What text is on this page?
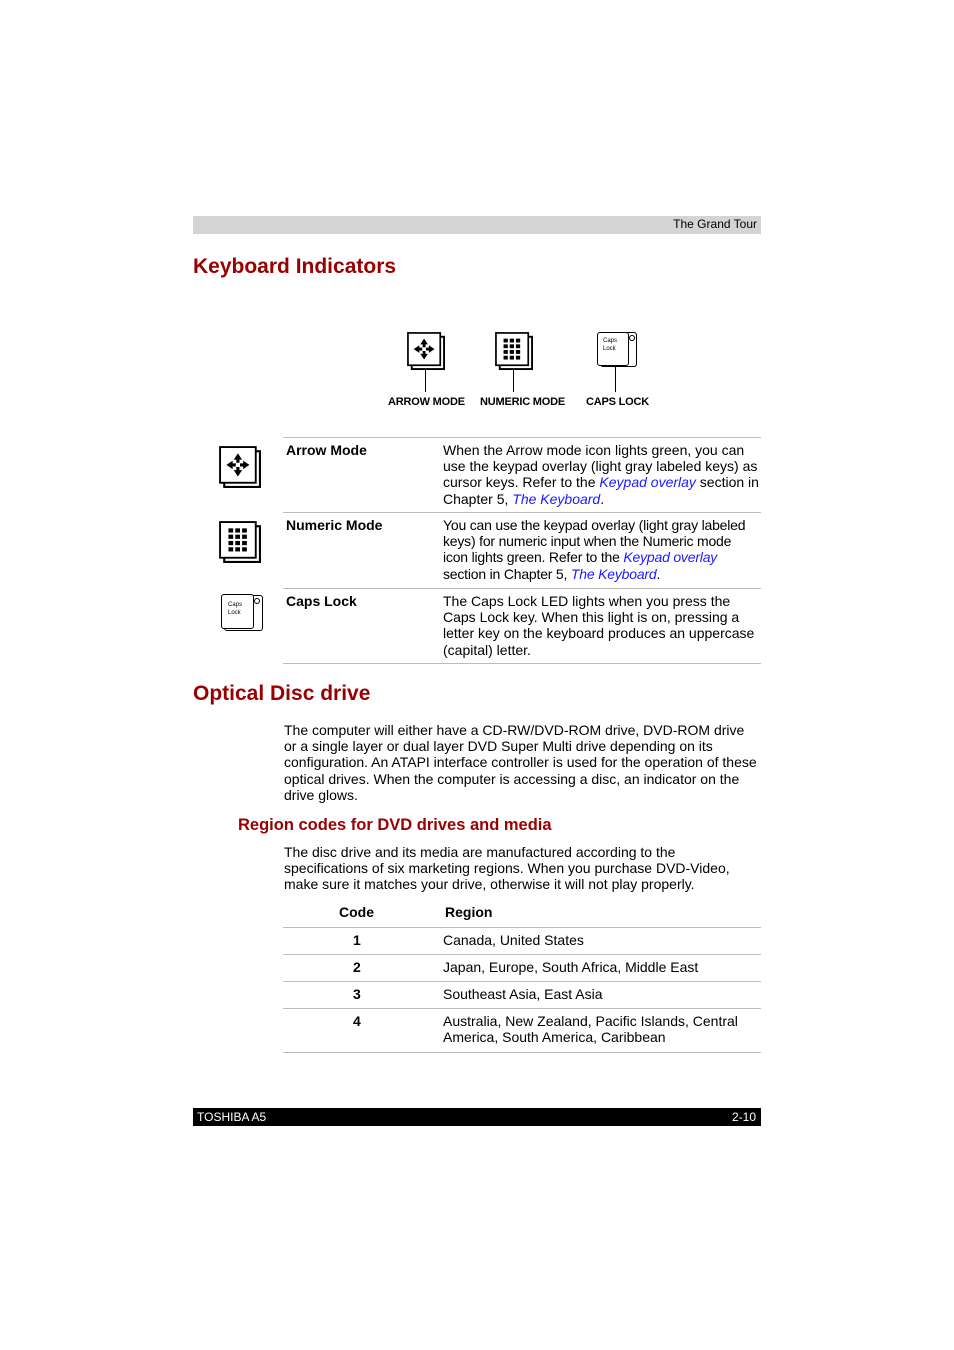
The Grand Tour
Keyboard Indicators
Caps
Lock
ARROW MODE NUMERIC MODE CAPS LOCK
Arrow Mode	When the Arrow mode icon lights green, you can use the keypad overlay (light gray labeled keys) as cursor keys. Refer to the Keypad overlay section in Chapter 5, The Keyboard.
Numeric Mode	You can use the keypad overlay (light gray labeled keys) for numeric input when the Numeric mode icon lights green. Refer to the Keypad overlay section in Chapter 5, The Keyboard.
Caps
Lock
Caps Lock	The Caps Lock LED lights when you press the Caps Lock key. When this light is on, pressing a letter key on the keyboard produces an uppercase (capital) letter.
Optical Disc drive
The computer will either have a CD-RW/DVD-ROM drive, DVD-ROM drive or a single layer or dual layer DVD Super Multi drive depending on its configuration. An ATAPI interface controller is used for the operation of these optical drives. When the computer is accessing a disc, an indicator on the drive glows.
Region codes for DVD drives and media
The disc drive and its media are manufactured according to the specifications of six marketing regions. When you purchase DVD-Video, make sure it matches your drive, otherwise it will not play properly.
Code	Region
1	Canada, United States
2	Japan, Europe, South Africa, Middle East
3	Southeast Asia, East Asia
4	Australia, New Zealand, Pacific Islands, Central America, South America, Caribbean
TOSHIBA A5	2-10
